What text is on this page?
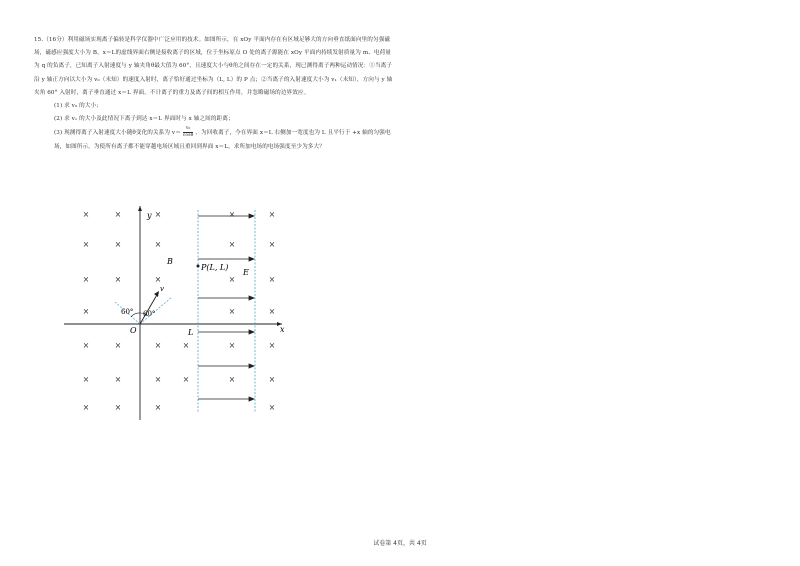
15.（16分）利用磁场实现离子偏转是科学仪器中广泛应用的技术。如图所示，在 xOy 平面内存在有区域足够大的方向垂直纸面向里的匀强磁场，磁感应强度大小为 B。x＝L的虚线界面右侧是接收离子的区域，位于坐标原点 O 处的离子源能在 xOy 平面内持续发射质量为 m、电荷量为 q 的负离子，已知离子入射速度与 y 轴夹角θ最大值为 60°，且速度大小与θ角之间存在一定的关系，现已测得离子两种运动情况：①当离子沿 y 轴正方向以大小为 v₀（未知）的速度入射时，离子恰好通过坐标为（L, L）的 P 点；②当离子的入射速度大小为 v₁（未知），方向与 y 轴夹角 60° 入射时，离子垂直通过 x＝L 界面。不计离子的重力及离子间的相互作用，并忽略磁场的边界效应。

(1) 求 v₀ 的大小；

(2) 求 v₁ 的大小及此情况下离子到达 x＝L 界面时与 x 轴之间的距离；

(3) 现测得离子入射速度大小随θ变化的关系为 $v= \frac{\text{v₀}}{\cos\theta}$ ，为回收离子，今在界面 x＝L 右侧加一宽度也为 L 且平行于 +x 轴的匀强电场，如图所示，为使所有离子都不能穿越电场区域且重回到界面 x＝L，求所加电场的电场强度至少为多大？

×	×	×	×	×
×	×	×	×	×
×	×	×	×	×
×	×	×
×	×	×	×	×	×
×	×	×	×	×	×
×	×	×	×
y
x
O
P(L, L)
E
B
L
60° 60°
v
试卷第 4页，共 4页
